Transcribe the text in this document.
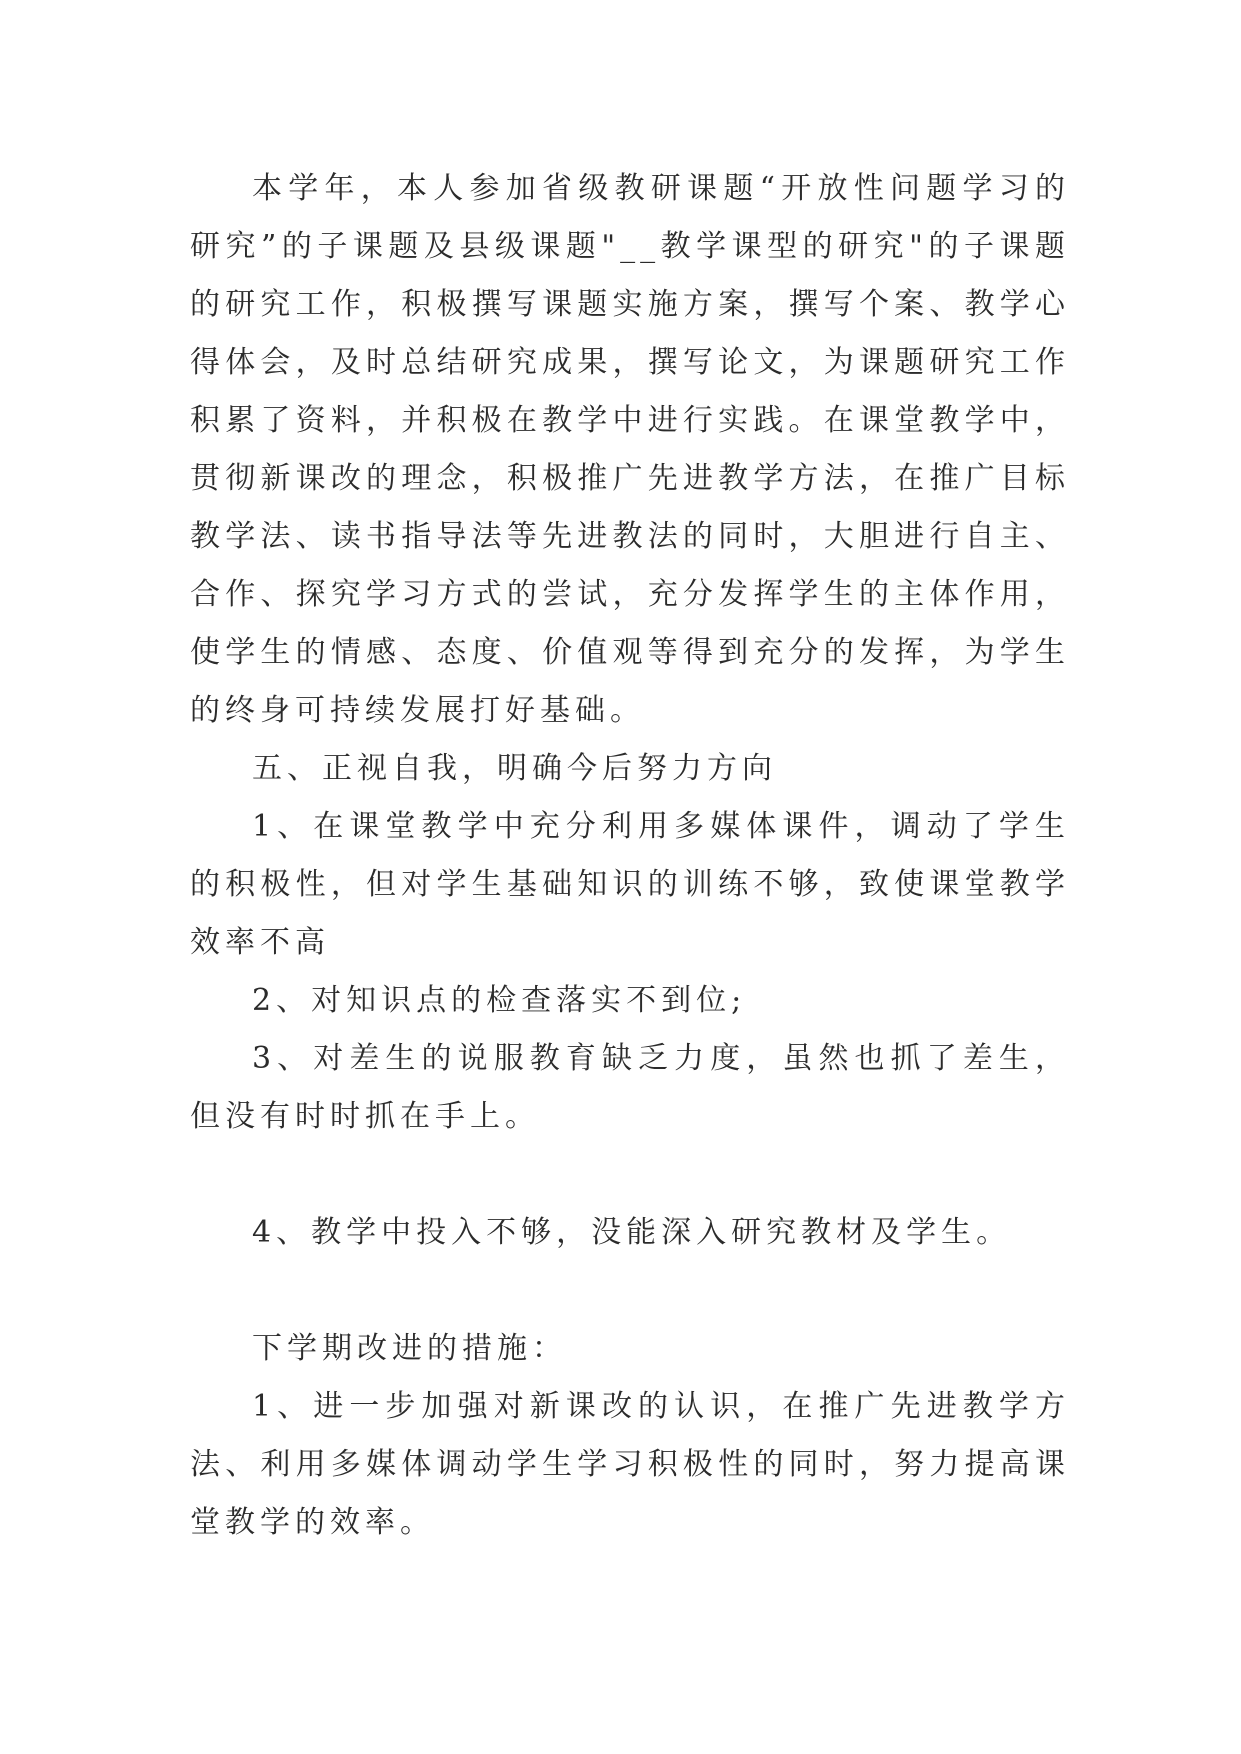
本学年，本人参加省级教研课题“开放性问题学习的研究”的子课题及县级课题"__教学课型的研究"的子课题的研究工作，积极撰写课题实施方案，撰写个案、教学心得体会，及时总结研究成果，撰写论文，为课题研究工作积累了资料，并积极在教学中进行实践。在课堂教学中，贯彻新课改的理念，积极推广先进教学方法，在推广目标教学法、读书指导法等先进教法的同时，大胆进行自主、合作、探究学习方式的尝试，充分发挥学生的主体作用，使学生的情感、态度、价值观等得到充分的发挥，为学生的终身可持续发展打好基础。

五、正视自我，明确今后努力方向

1、在课堂教学中充分利用多媒体课件，调动了学生的积极性，但对学生基础知识的训练不够，致使课堂教学效率不高

2、对知识点的检查落实不到位;

3、对差生的说服教育缺乏力度，虽然也抓了差生，但没有时时抓在手上。

4、教学中投入不够，没能深入研究教材及学生。

下学期改进的措施：

1、进一步加强对新课改的认识，在推广先进教学方法、利用多媒体调动学生学习积极性的同时，努力提高课堂教学的效率。
